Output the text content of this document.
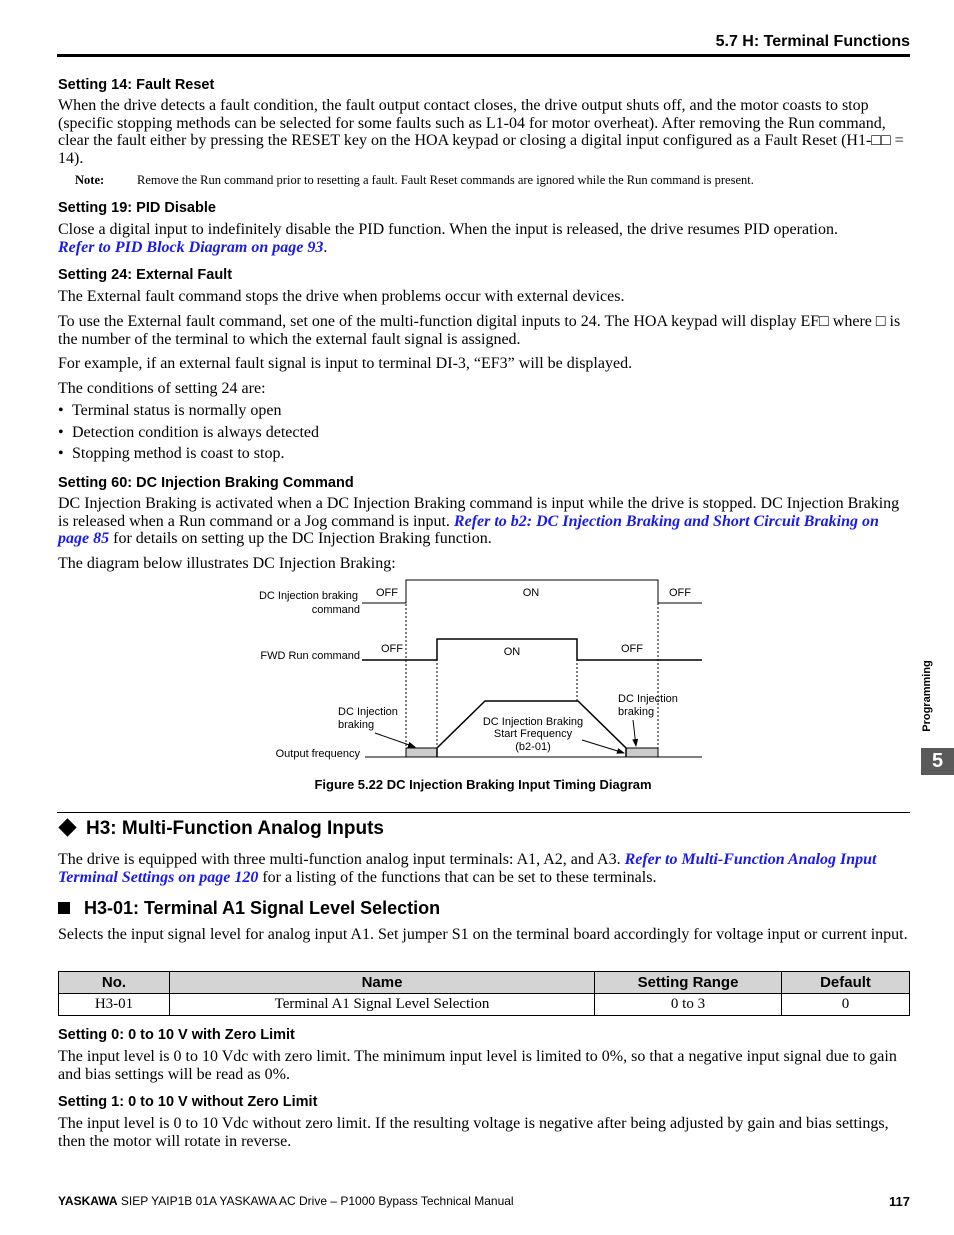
5.7 H: Terminal Functions
Setting 14: Fault Reset
When the drive detects a fault condition, the fault output contact closes, the drive output shuts off, and the motor coasts to stop (specific stopping methods can be selected for some faults such as L1-04 for motor overheat). After removing the Run command, clear the fault either by pressing the RESET key on the HOA keypad or closing a digital input configured as a Fault Reset (H1-□□ = 14).
Note:	Remove the Run command prior to resetting a fault. Fault Reset commands are ignored while the Run command is present.
Setting 19: PID Disable
Close a digital input to indefinitely disable the PID function. When the input is released, the drive resumes PID operation.
Refer to PID Block Diagram on page 93.
Setting 24: External Fault
The External fault command stops the drive when problems occur with external devices.
To use the External fault command, set one of the multi-function digital inputs to 24. The HOA keypad will display EF□ where □ is the number of the terminal to which the external fault signal is assigned.
For example, if an external fault signal is input to terminal DI-3, “EF3” will be displayed.
The conditions of setting 24 are:
• Terminal status is normally open
• Detection condition is always detected
• Stopping method is coast to stop.
Setting 60: DC Injection Braking Command
DC Injection Braking is activated when a DC Injection Braking command is input while the drive is stopped. DC Injection Braking is released when a Run command or a Jog command is input. Refer to b2: DC Injection Braking and Short Circuit Braking on page 85 for details on setting up the DC Injection Braking function.
The diagram below illustrates DC Injection Braking:
DC Injection braking
command
OFF	ON	OFF
FWD Run command
OFF	ON	OFF
DC Injection
braking
Output frequency
DC Injection Braking
Start Frequency
(b2-01)
DC Injection
braking
Figure 5.22 DC Injection Braking Input Timing Diagram
H3: Multi-Function Analog Inputs
The drive is equipped with three multi-function analog input terminals: A1, A2, and A3. Refer to Multi-Function Analog Input Terminal Settings on page 120 for a listing of the functions that can be set to these terminals.
H3-01: Terminal A1 Signal Level Selection
Selects the input signal level for analog input A1. Set jumper S1 on the terminal board accordingly for voltage input or current input.
No.	Name	Setting Range	Default
H3-01	Terminal A1 Signal Level Selection	0 to 3	0
Setting 0: 0 to 10 V with Zero Limit
The input level is 0 to 10 Vdc with zero limit. The minimum input level is limited to 0%, so that a negative input signal due to gain and bias settings will be read as 0%.
Setting 1: 0 to 10 V without Zero Limit
The input level is 0 to 10 Vdc without zero limit. If the resulting voltage is negative after being adjusted by gain and bias settings, then the motor will rotate in reverse.
Programming
5
YASKAWA SIEP YAIP1B 01A YASKAWA AC Drive – P1000 Bypass Technical Manual	117
